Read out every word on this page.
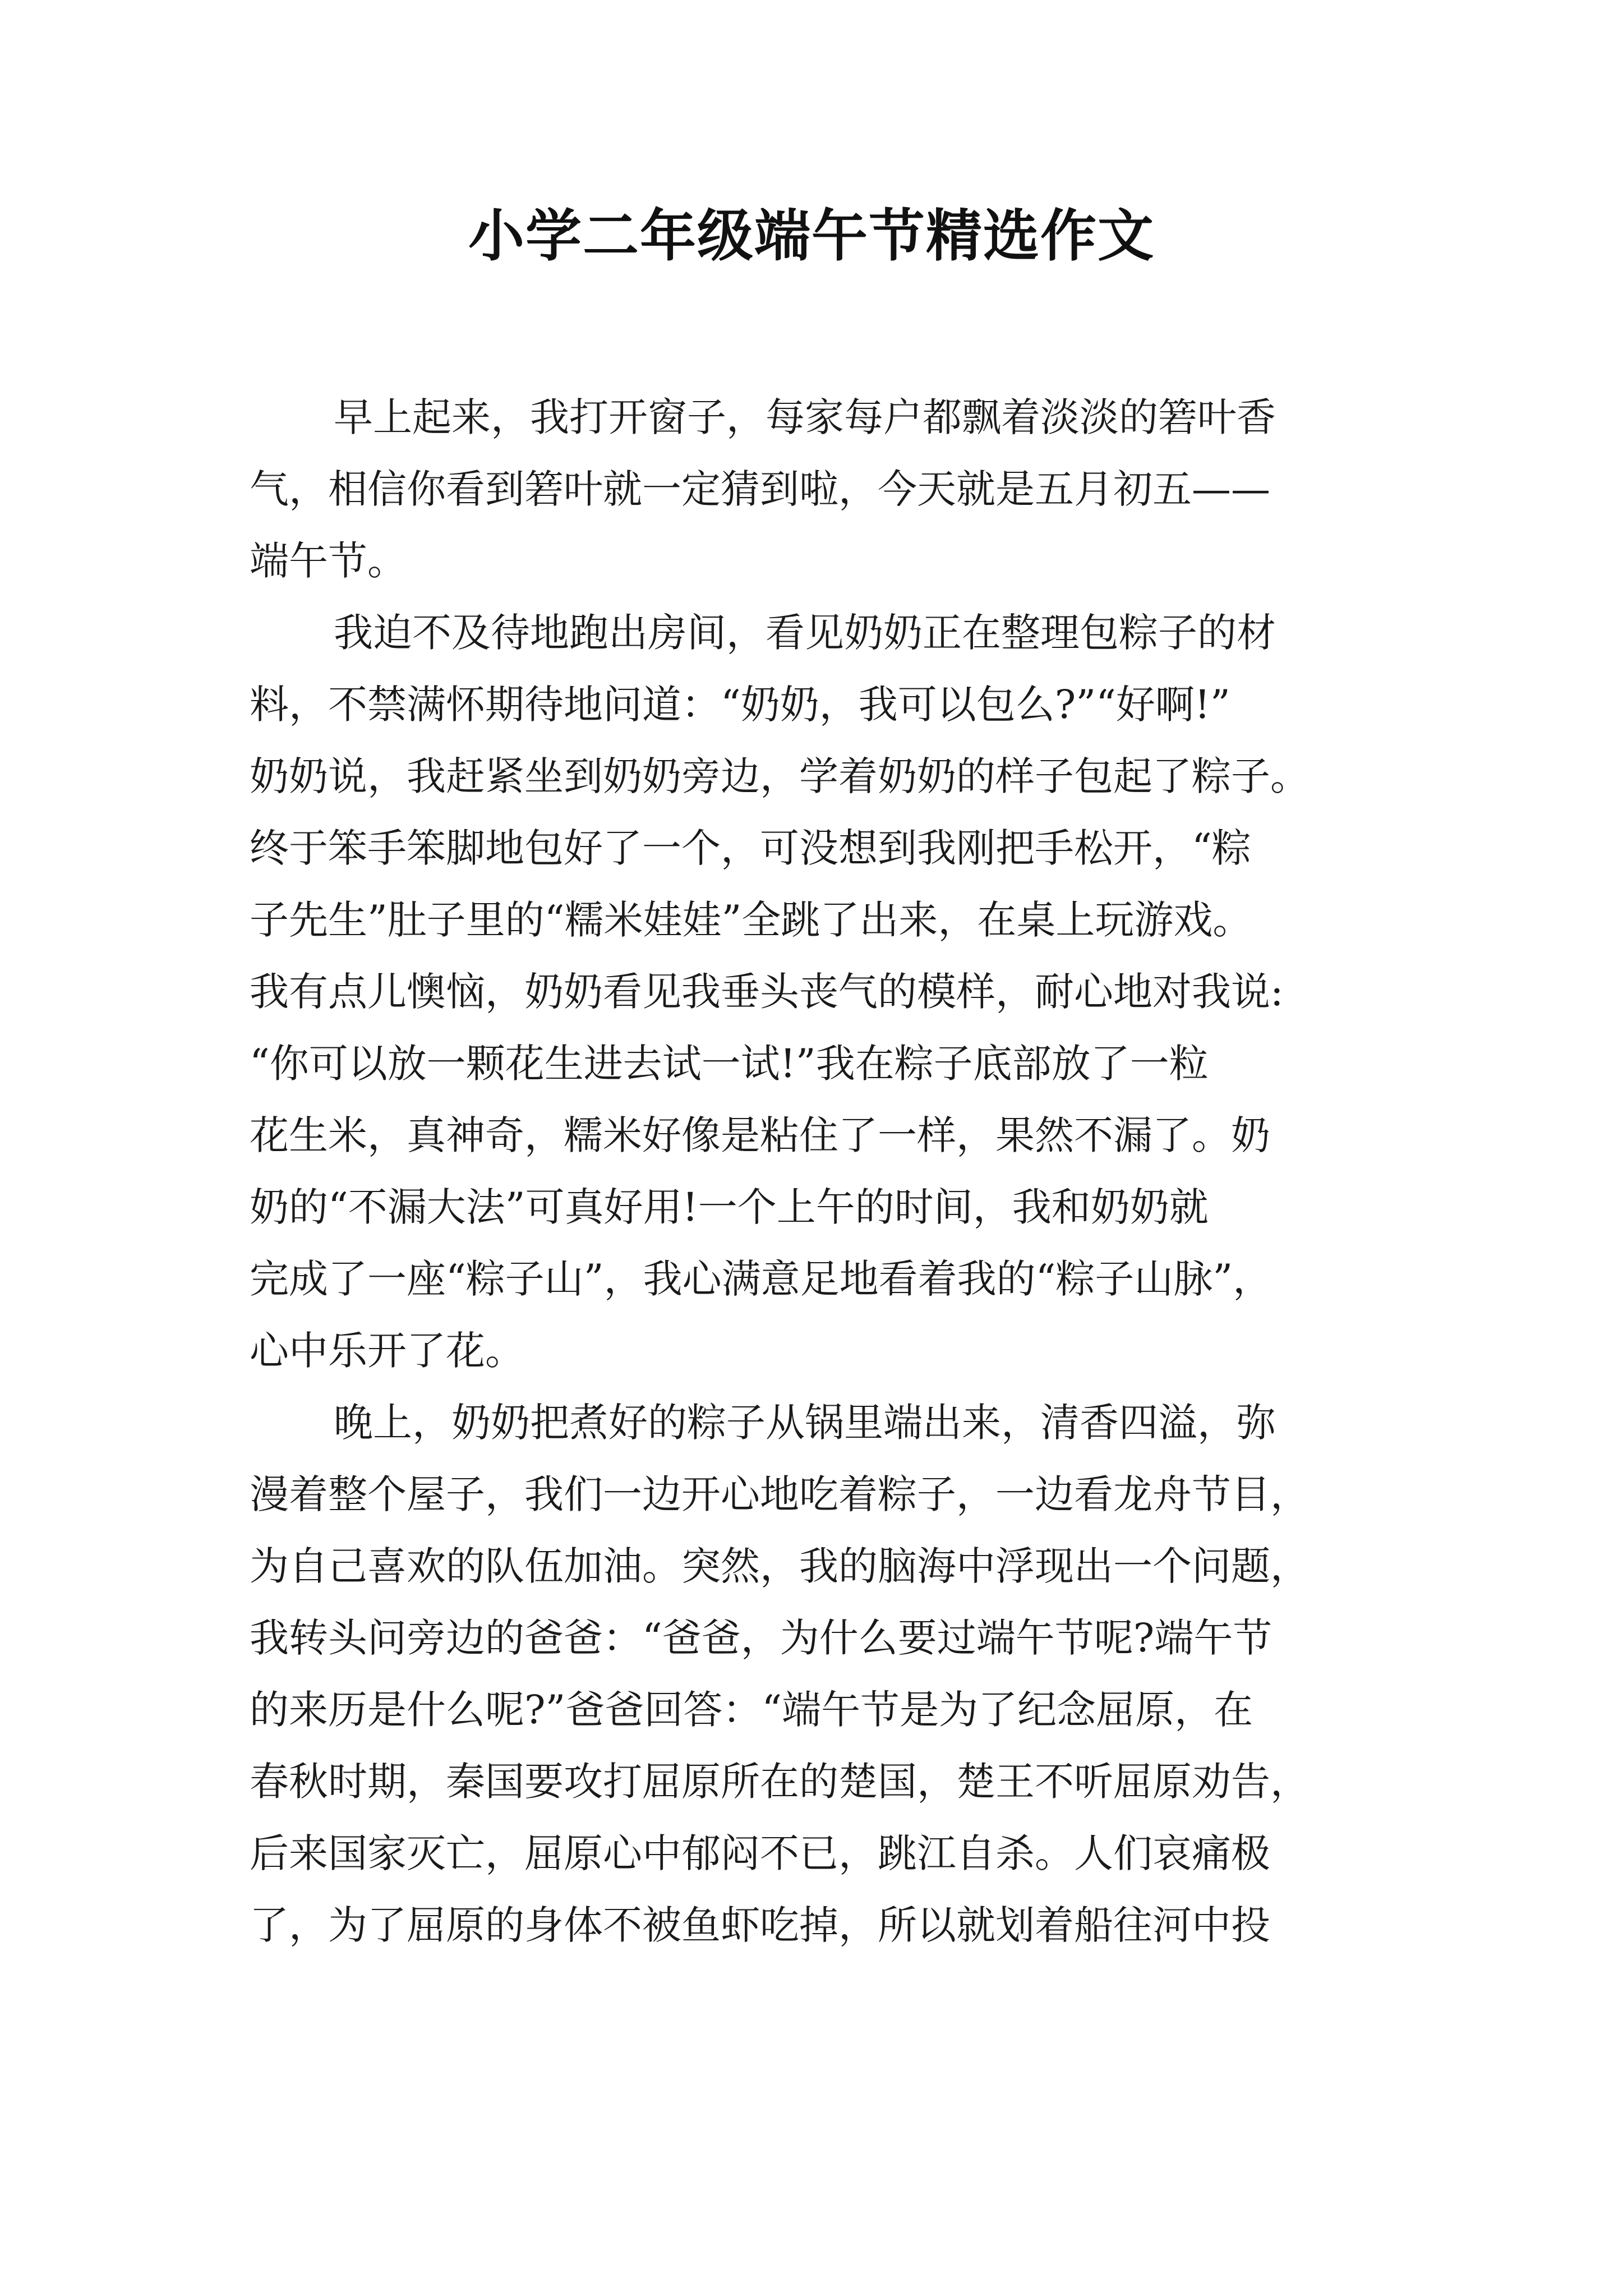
小学二年级端午节精选作文
早上起来，我打开窗子，每家每户都飘着淡淡的箬叶香
气，相信你看到箬叶就一定猜到啦，今天就是五月初五——
端午节。
我迫不及待地跑出房间，看见奶奶正在整理包粽子的材
料，不禁满怀期待地问道：“奶奶，我可以包么?”“好啊!”
奶奶说，我赶紧坐到奶奶旁边，学着奶奶的样子包起了粽子。
终于笨手笨脚地包好了一个，可没想到我刚把手松开，“粽
子先生”肚子里的“糯米娃娃”全跳了出来，在桌上玩游戏。
我有点儿懊恼，奶奶看见我垂头丧气的模样，耐心地对我说:
“你可以放一颗花生进去试一试!”我在粽子底部放了一粒
花生米，真神奇，糯米好像是粘住了一样，果然不漏了。奶
奶的“不漏大法”可真好用!一个上午的时间，我和奶奶就
完成了一座“粽子山”，我心满意足地看着我的“粽子山脉”，
心中乐开了花。
晚上，奶奶把煮好的粽子从锅里端出来，清香四溢，弥
漫着整个屋子，我们一边开心地吃着粽子，一边看龙舟节目，
为自己喜欢的队伍加油。突然，我的脑海中浮现出一个问题，
我转头问旁边的爸爸：“爸爸，为什么要过端午节呢?端午节
的来历是什么呢?”爸爸回答：“端午节是为了纪念屈原，在
春秋时期，秦国要攻打屈原所在的楚国，楚王不听屈原劝告，
后来国家灭亡，屈原心中郁闷不已，跳江自杀。人们哀痛极
了，为了屈原的身体不被鱼虾吃掉，所以就划着船往河中投
